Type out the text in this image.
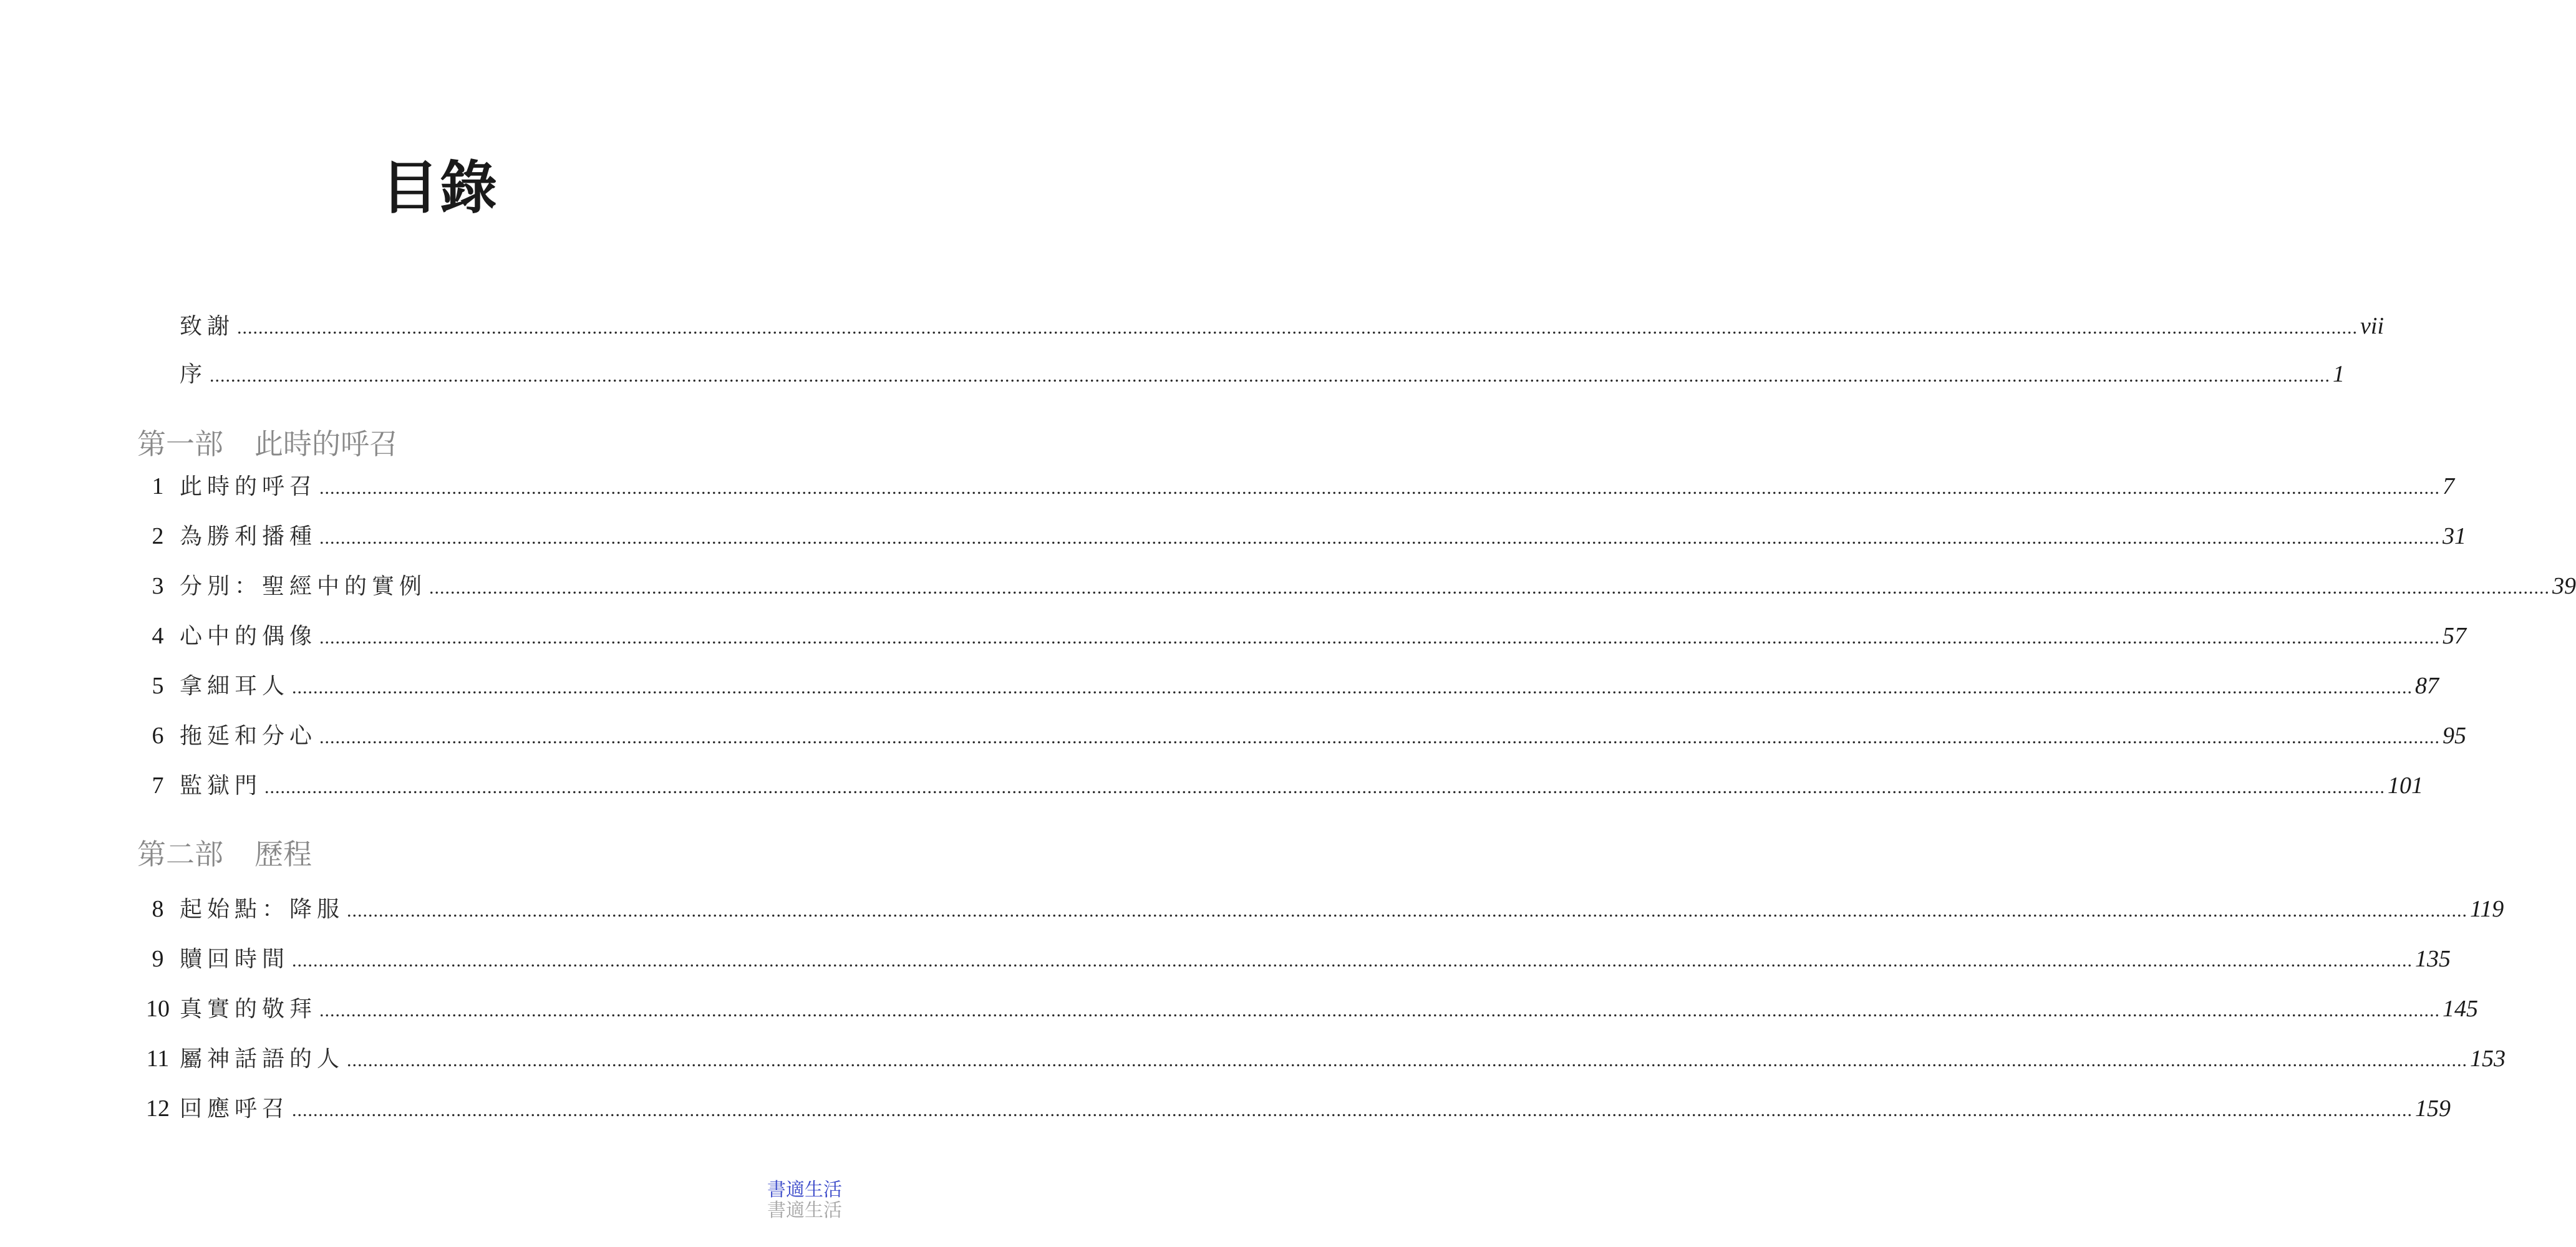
目錄
致謝 ................................................................................................................................................................................................................................................................................................................................................................................................................ vii
序 ................................................................................................................................................................................................................................................................................................................................................................................................................ 1
第一部 此時的呼召
1 此時的呼召 ................................................................................................................................................................................................................................................................................................................................................................................................................ 7
2 為勝利播種 ................................................................................................................................................................................................................................................................................................................................................................................................................ 31
3 分別：聖經中的實例 ................................................................................................................................................................................................................................................................................................................................................................................................................ 39
4 心中的偶像 ................................................................................................................................................................................................................................................................................................................................................................................................................ 57
5 拿細耳人 ................................................................................................................................................................................................................................................................................................................................................................................................................ 87
6 拖延和分心 ................................................................................................................................................................................................................................................................................................................................................................................................................ 95
7 監獄門 ................................................................................................................................................................................................................................................................................................................................................................................................................ 101
第二部 歷程
8 起始點：降服 ................................................................................................................................................................................................................................................................................................................................................................................................................ 119
9 贖回時間 ................................................................................................................................................................................................................................................................................................................................................................................................................ 135
10 真實的敬拜 ................................................................................................................................................................................................................................................................................................................................................................................................................ 145
11 屬神話語的人 ................................................................................................................................................................................................................................................................................................................................................................................................................ 153
12 回應呼召 ................................................................................................................................................................................................................................................................................................................................................................................................................ 159
書適生活
書適生活
